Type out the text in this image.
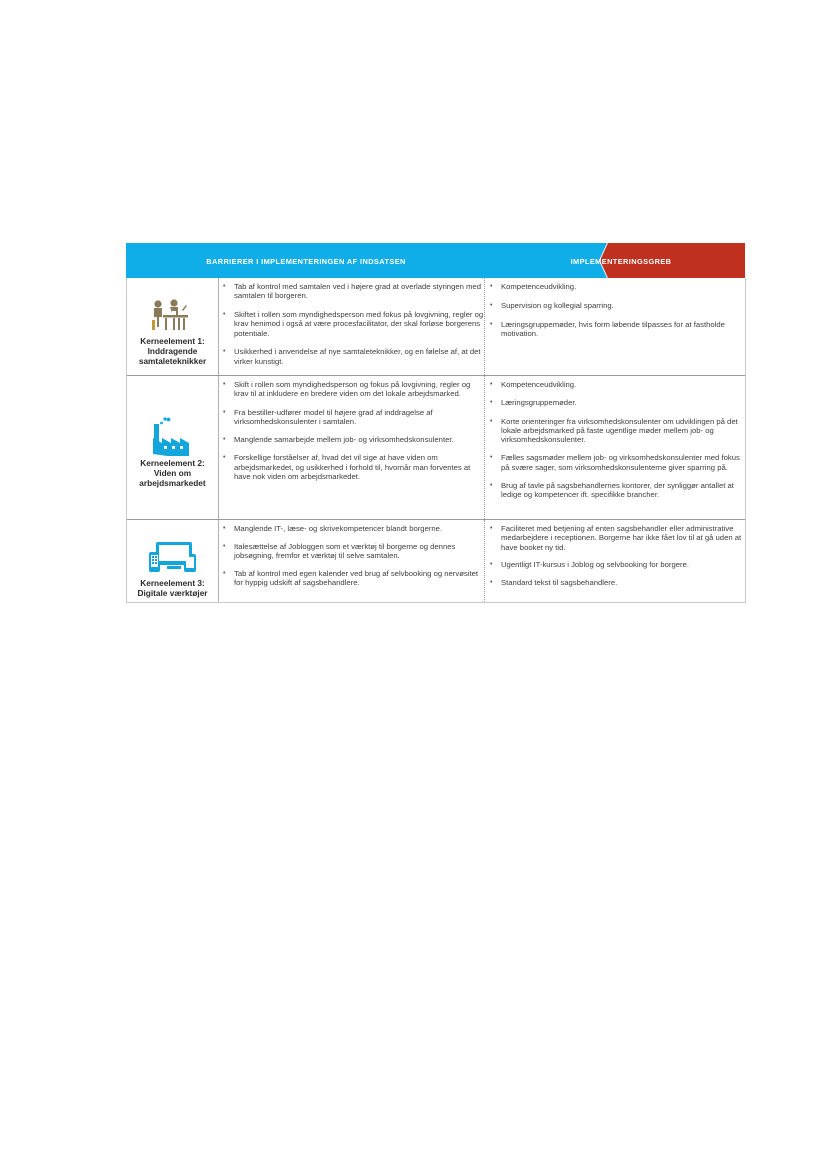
BARRIERER I IMPLEMENTERINGEN AF INDSATSEN	IMPLEMENTERINGSGREB
Kerneelement 1:
Inddragende
samtaleteknikker
• Tab af kontrol med samtalen ved i højere grad at overlade styringen med samtalen til borgeren.
• Skiftet i rollen som myndighedsperson med fokus på lovgivning, regler og krav henimod i også at være procesfacilitator, der skal forløse borgerens potentiale.
• Usikkerhed i anvendelse af nye samtaleteknikker, og en følelse af, at det virker kunstigt.
• Kompetenceudvikling.
• Supervision og kollegial sparring.
• Læringsgruppemøder, hvis form løbende tilpasses for at fastholde motivation.
Kerneelement 2:
Viden om
arbejdsmarkedet
• Skift i rollen som myndighedsperson og fokus på lovgivning, regler og krav til at inkludere en bredere viden om det lokale arbejdsmarked.
• Fra bestiller-udfører model til højere grad af inddragelse af virksomhedskonsulenter i samtalen.
• Manglende samarbejde mellem job- og virksomhedskonsulenter.
• Forskellige forståelser af, hvad det vil sige at have viden om arbejdsmarkedet, og usikkerhed i forhold til, hvornår man forventes at have nok viden om arbejdsmarkedet.
• Kompetenceudvikling.
• Læringsgruppemøder.
• Korte orienteringer fra virksomhedskonsulenter om udviklingen på det lokale arbejdsmarked på faste ugentlige møder mellem job- og virksomhedskonsulenter.
• Fælles sagsmøder mellem job- og virksomhedskonsulenter med fokus på svære sager, som virksomhedskonsulenterne giver sparring på.
• Brug af tavle på sagsbehandlernes kontorer, der synliggør antallet at ledige og kompetencer ift. specifikke brancher.
Kerneelement 3:
Digitale værktøjer
• Manglende IT-, læse- og skrivekompetencer blandt borgerne.
• Italesættelse af Jobloggen som et værktøj til borgerne og dennes jobsøgning, fremfor et værktøj til selve samtalen.
• Tab af kontrol med egen kalender ved brug af selvbooking og nervøsitet for hyppig udskift af sagsbehandlere.
• Faciliteret med betjening af enten sagsbehandler eller administrative medarbejdere i receptionen. Borgerne har ikke fået lov til at gå uden at have booket ny tid.
• Ugentligt IT-kursus i Joblog og selvbooking for borgere.
• Standard tekst til sagsbehandlere.
